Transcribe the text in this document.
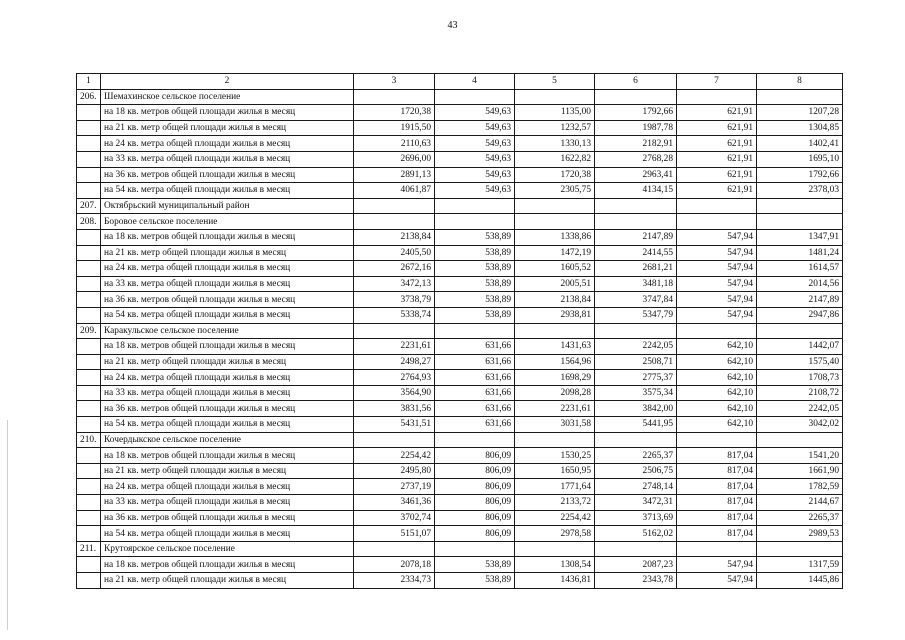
43
1	2	3	4	5	6	7	8
206.	Шемахинское сельское поселение						
	на 18 кв. метров общей площади жилья в месяц	1720,38	549,63	1135,00	1792,66	621,91	1207,28
	на 21 кв. метр общей площади жилья в месяц	1915,50	549,63	1232,57	1987,78	621,91	1304,85
	на 24 кв. метра общей площади жилья в месяц	2110,63	549,63	1330,13	2182,91	621,91	1402,41
	на 33 кв. метра общей площади жилья в месяц	2696,00	549,63	1622,82	2768,28	621,91	1695,10
	на 36 кв. метров общей площади жилья в месяц	2891,13	549,63	1720,38	2963,41	621,91	1792,66
	на 54 кв. метра общей площади жилья в месяц	4061,87	549,63	2305,75	4134,15	621,91	2378,03
207.	Октябрьский муниципальный район						
208.	Боровое сельское поселение						
	на 18 кв. метров общей площади жилья в месяц	2138,84	538,89	1338,86	2147,89	547,94	1347,91
	на 21 кв. метр общей площади жилья в месяц	2405,50	538,89	1472,19	2414,55	547,94	1481,24
	на 24 кв. метра общей площади жилья в месяц	2672,16	538,89	1605,52	2681,21	547,94	1614,57
	на 33 кв. метра общей площади жилья в месяц	3472,13	538,89	2005,51	3481,18	547,94	2014,56
	на 36 кв. метров общей площади жилья в месяц	3738,79	538,89	2138,84	3747,84	547,94	2147,89
	на 54 кв. метра общей площади жилья в месяц	5338,74	538,89	2938,81	5347,79	547,94	2947,86
209.	Каракульское сельское поселение						
	на 18 кв. метров общей площади жилья в месяц	2231,61	631,66	1431,63	2242,05	642,10	1442,07
	на 21 кв. метр общей площади жилья в месяц	2498,27	631,66	1564,96	2508,71	642,10	1575,40
	на 24 кв. метра общей площади жилья в месяц	2764,93	631,66	1698,29	2775,37	642,10	1708,73
	на 33 кв. метра общей площади жилья в месяц	3564,90	631,66	2098,28	3575,34	642,10	2108,72
	на 36 кв. метров общей площади жилья в месяц	3831,56	631,66	2231,61	3842,00	642,10	2242,05
	на 54 кв. метра общей площади жилья в месяц	5431,51	631,66	3031,58	5441,95	642,10	3042,02
210.	Кочердыкское сельское поселение						
	на 18 кв. метров общей площади жилья в месяц	2254,42	806,09	1530,25	2265,37	817,04	1541,20
	на 21 кв. метр общей площади жилья в месяц	2495,80	806,09	1650,95	2506,75	817,04	1661,90
	на 24 кв. метра общей площади жилья в месяц	2737,19	806,09	1771,64	2748,14	817,04	1782,59
	на 33 кв. метра общей площади жилья в месяц	3461,36	806,09	2133,72	3472,31	817,04	2144,67
	на 36 кв. метров общей площади жилья в месяц	3702,74	806,09	2254,42	3713,69	817,04	2265,37
	на 54 кв. метра общей площади жилья в месяц	5151,07	806,09	2978,58	5162,02	817,04	2989,53
211.	Крутоярское сельское поселение						
	на 18 кв. метров общей площади жилья в месяц	2078,18	538,89	1308,54	2087,23	547,94	1317,59
	на 21 кв. метр общей площади жилья в месяц	2334,73	538,89	1436,81	2343,78	547,94	1445,86
